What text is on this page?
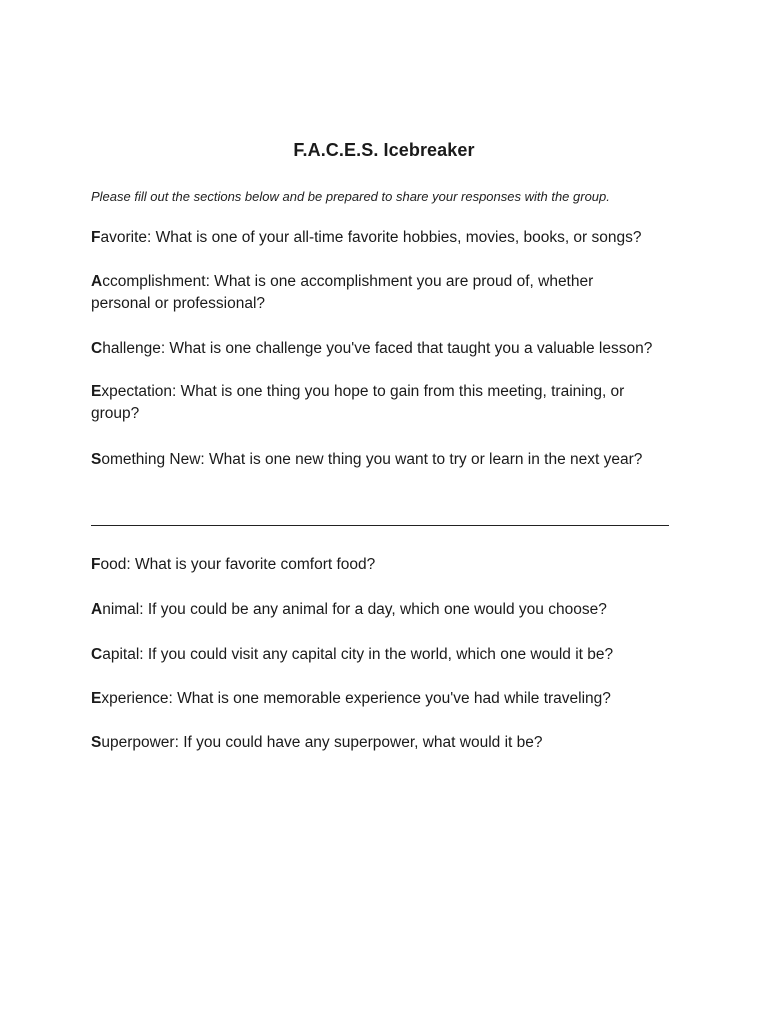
F.A.C.E.S. Icebreaker
Please fill out the sections below and be prepared to share your responses with the group.
Favorite: What is one of your all-time favorite hobbies, movies, books, or songs?
Accomplishment: What is one accomplishment you are proud of, whether personal or professional?
Challenge: What is one challenge you've faced that taught you a valuable lesson?
Expectation: What is one thing you hope to gain from this meeting, training, or group?
Something New: What is one new thing you want to try or learn in the next year?
Food: What is your favorite comfort food?
Animal: If you could be any animal for a day, which one would you choose?
Capital: If you could visit any capital city in the world, which one would it be?
Experience: What is one memorable experience you've had while traveling?
Superpower: If you could have any superpower, what would it be?
